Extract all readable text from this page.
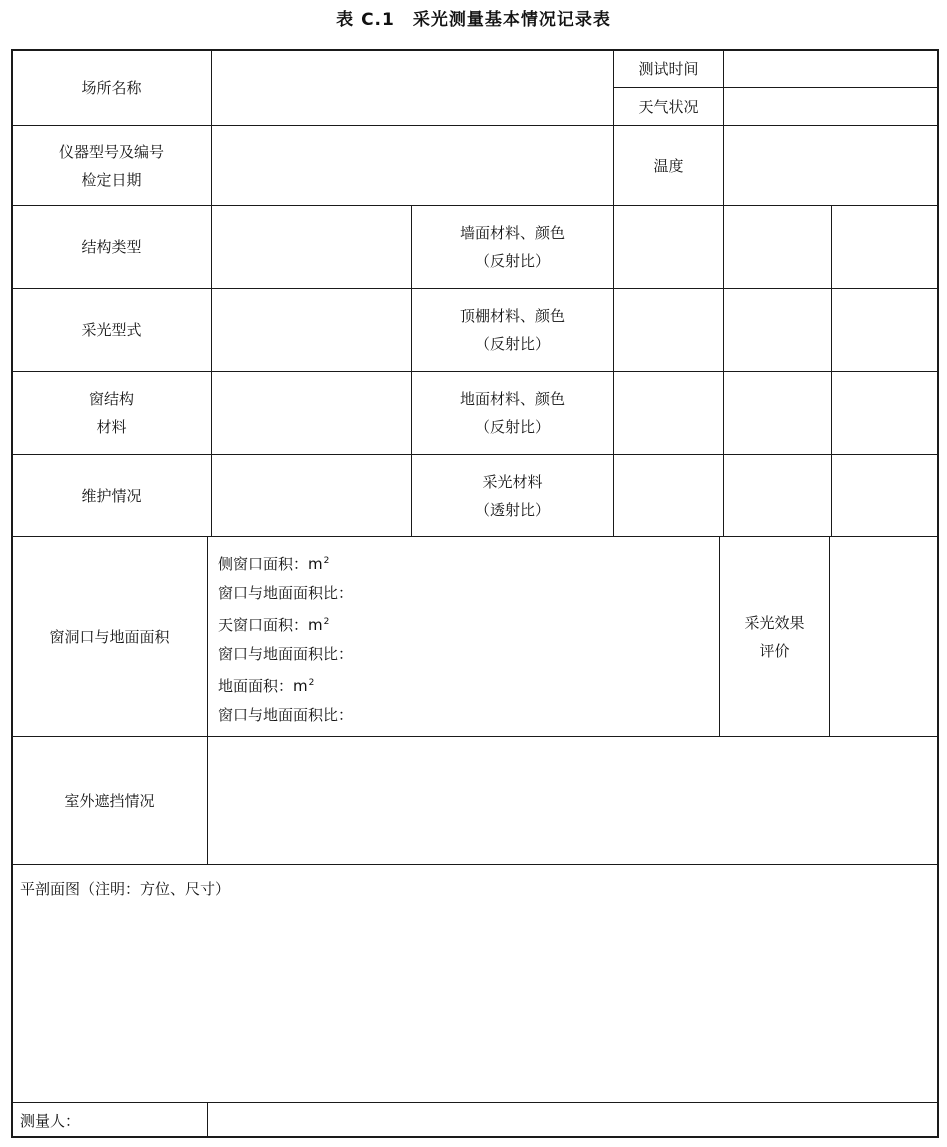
表 C.1　采光测量基本情况记录表
场所名称
测试时间
天气状况
仪器型号及编号
检定日期
温度
结构类型
墙面材料、颜色
（反射比）
采光型式
顶棚材料、颜色
（反射比）
窗结构
材料
地面材料、颜色
（反射比）
维护情况
采光材料
（透射比）
窗洞口与地面面积
侧窗口面积：$m^2$
窗口与地面面积比：
天窗口面积：$m^2$
窗口与地面面积比：
地面面积：$m^2$
窗口与地面面积比：
采光效果
评价
室外遮挡情况
平剖面图（注明：方位、尺寸）
测量人：
